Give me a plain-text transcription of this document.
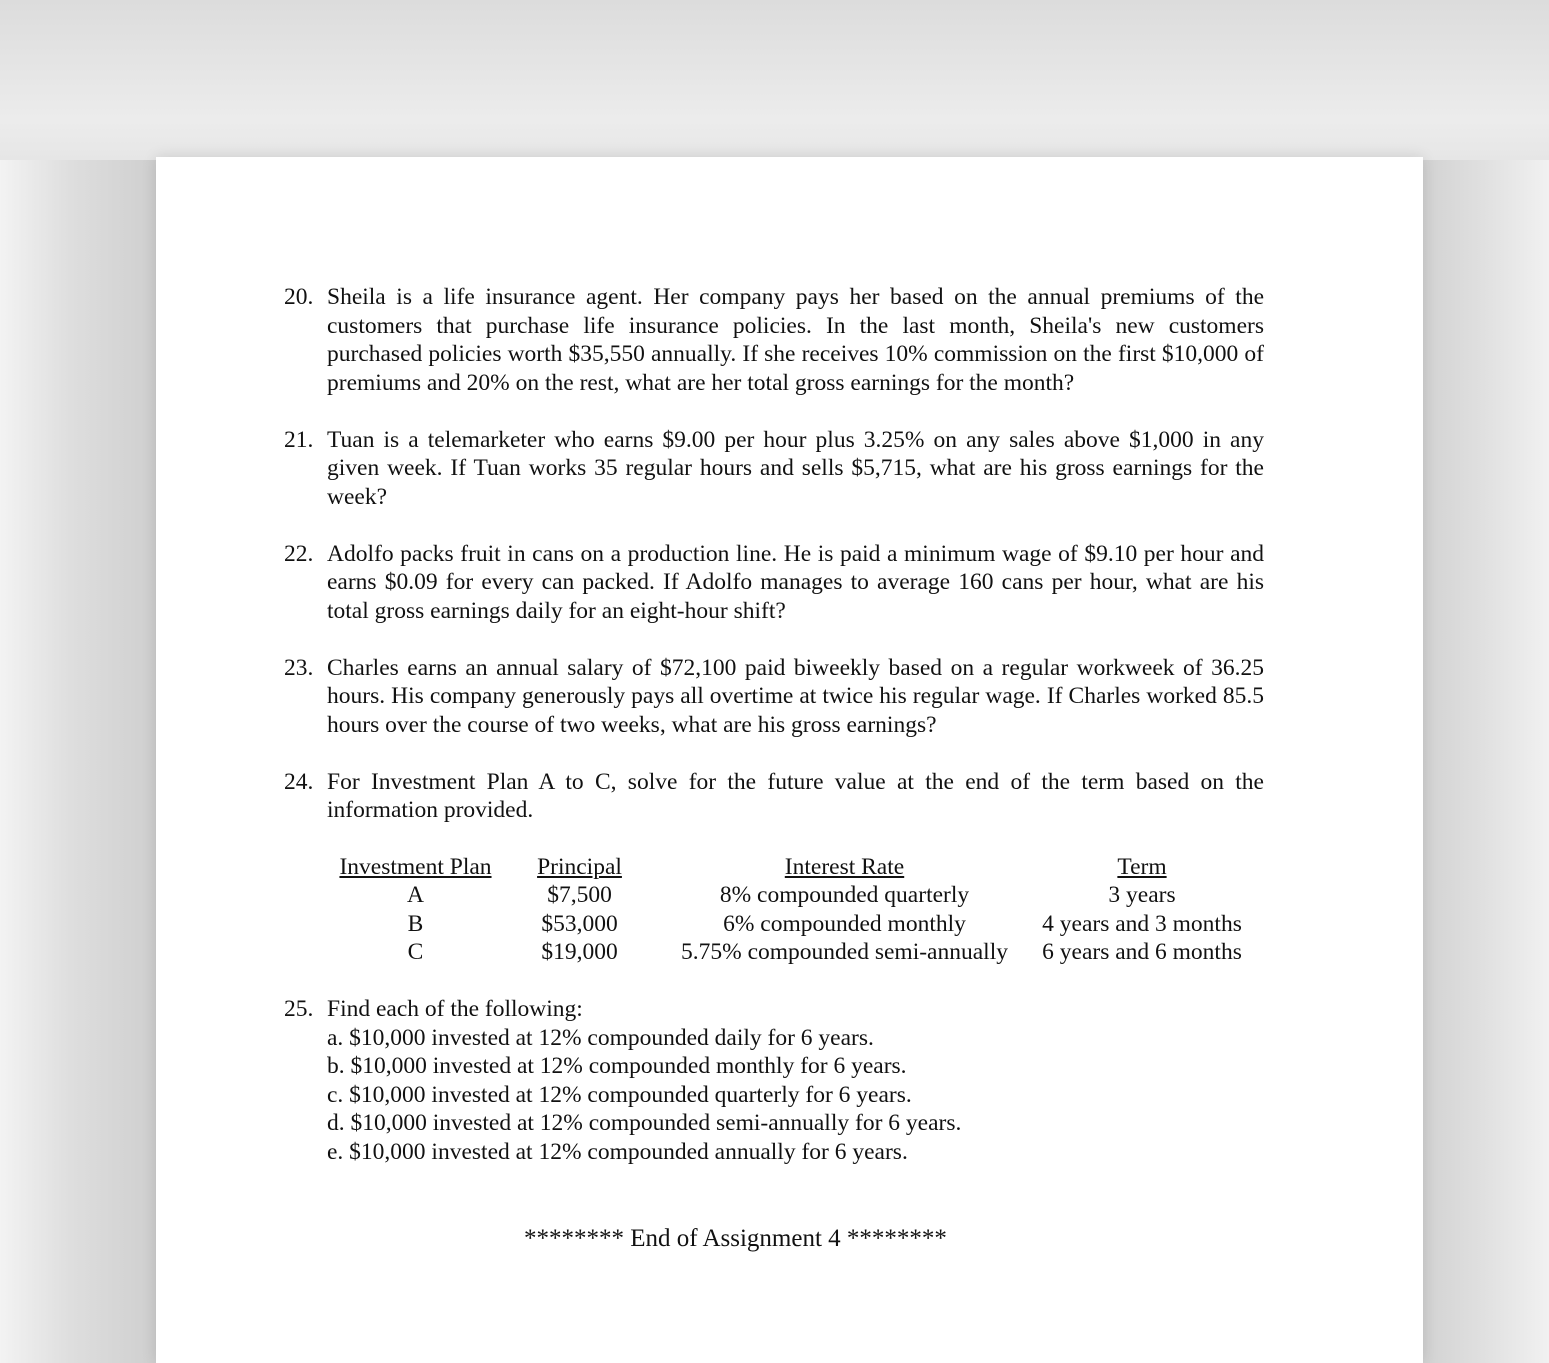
20. Sheila is a life insurance agent. Her company pays her based on the annual premiums of the customers that purchase life insurance policies. In the last month, Sheila's new customers purchased policies worth $35,550 annually. If she receives 10% commission on the first $10,000 of premiums and 20% on the rest, what are her total gross earnings for the month?
21. Tuan is a telemarketer who earns $9.00 per hour plus 3.25% on any sales above $1,000 in any given week. If Tuan works 35 regular hours and sells $5,715, what are his gross earnings for the week?
22. Adolfo packs fruit in cans on a production line. He is paid a minimum wage of $9.10 per hour and earns $0.09 for every can packed. If Adolfo manages to average 160 cans per hour, what are his total gross earnings daily for an eight-hour shift?
23. Charles earns an annual salary of $72,100 paid biweekly based on a regular workweek of 36.25 hours. His company generously pays all overtime at twice his regular wage. If Charles worked 85.5 hours over the course of two weeks, what are his gross earnings?
24. For Investment Plan A to C, solve for the future value at the end of the term based on the information provided.
Investment Plan	Principal	Interest Rate	Term
A	$7,500	8% compounded quarterly	3 years
B	$53,000	6% compounded monthly	4 years and 3 months
C	$19,000	5.75% compounded semi-annually	6 years and 6 months
25. Find each of the following:
a. $10,000 invested at 12% compounded daily for 6 years.
b. $10,000 invested at 12% compounded monthly for 6 years.
c. $10,000 invested at 12% compounded quarterly for 6 years.
d. $10,000 invested at 12% compounded semi-annually for 6 years.
e. $10,000 invested at 12% compounded annually for 6 years.
******** End of Assignment 4 ********
